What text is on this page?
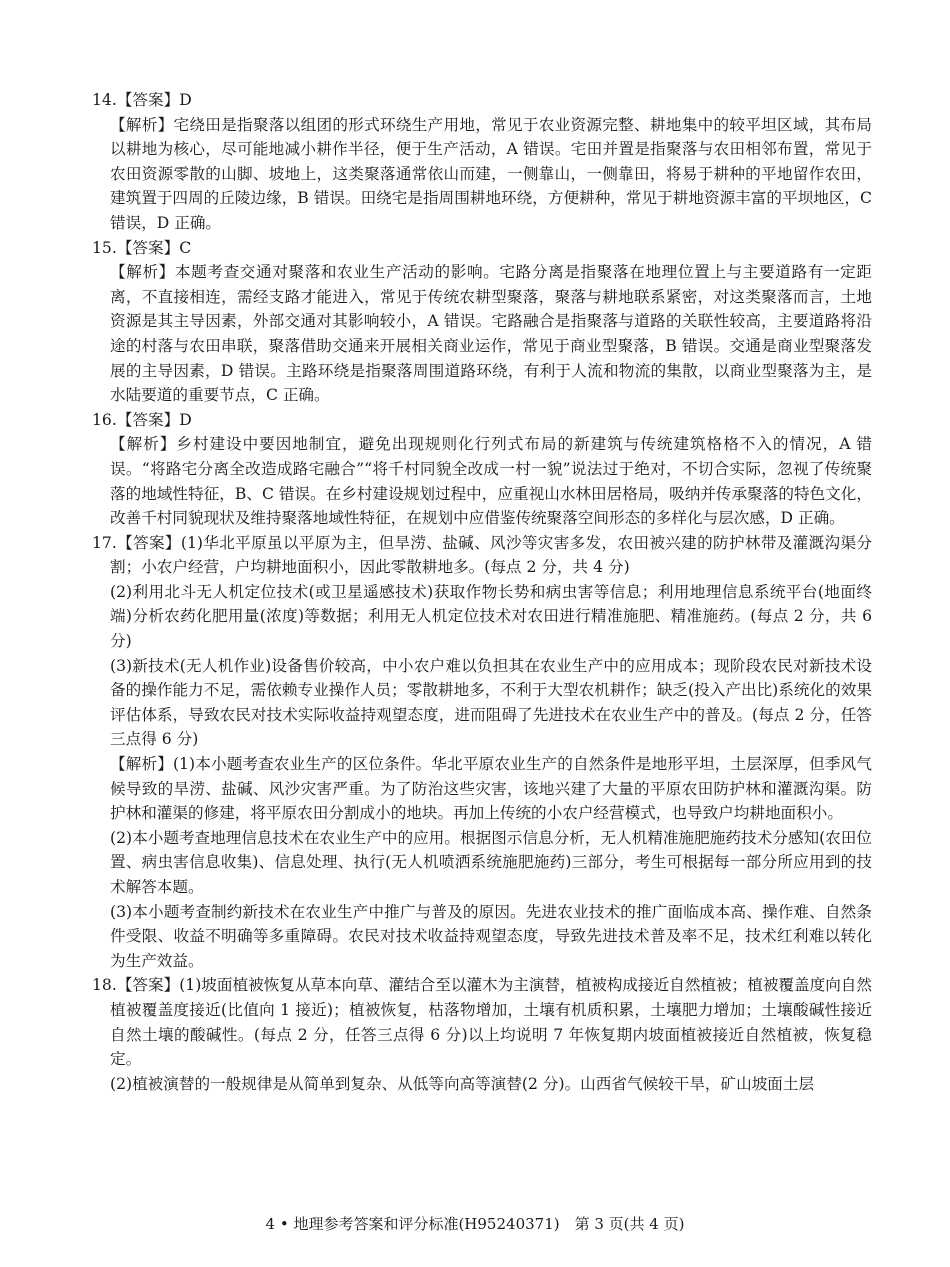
14.【答案】D
【解析】宅绕田是指聚落以组团的形式环绕生产用地，常见于农业资源完整、耕地集中的较平坦区域，其布局以耕地为核心，尽可能地减小耕作半径，便于生产活动，A 错误。宅田并置是指聚落与农田相邻布置，常见于农田资源零散的山脚、坡地上，这类聚落通常依山而建，一侧靠山，一侧靠田，将易于耕种的平地留作农田，建筑置于四周的丘陵边缘，B 错误。田绕宅是指周围耕地环绕，方便耕种，常见于耕地资源丰富的平坝地区，C 错误，D 正确。
15.【答案】C
【解析】本题考查交通对聚落和农业生产活动的影响。宅路分离是指聚落在地理位置上与主要道路有一定距离，不直接相连，需经支路才能进入，常见于传统农耕型聚落，聚落与耕地联系紧密，对这类聚落而言，土地资源是其主导因素，外部交通对其影响较小，A 错误。宅路融合是指聚落与道路的关联性较高，主要道路将沿途的村落与农田串联，聚落借助交通来开展相关商业运作，常见于商业型聚落，B 错误。交通是商业型聚落发展的主导因素，D 错误。主路环绕是指聚落周围道路环绕，有利于人流和物流的集散，以商业型聚落为主，是水陆要道的重要节点，C 正确。
16.【答案】D
【解析】乡村建设中要因地制宜，避免出现规则化行列式布局的新建筑与传统建筑格格不入的情况，A 错误。“将路宅分离全改造成路宅融合”“将千村同貌全改成一村一貌”说法过于绝对，不切合实际，忽视了传统聚落的地域性特征，B、C 错误。在乡村建设规划过程中，应重视山水林田居格局，吸纳并传承聚落的特色文化，改善千村同貌现状及维持聚落地域性特征，在规划中应借鉴传统聚落空间形态的多样化与层次感，D 正确。
17.【答案】(1)华北平原虽以平原为主，但旱涝、盐碱、风沙等灾害多发，农田被兴建的防护林带及灌溉沟渠分割；小农户经营，户均耕地面积小，因此零散耕地多。(每点 2 分，共 4 分)
(2)利用北斗无人机定位技术(或卫星遥感技术)获取作物长势和病虫害等信息；利用地理信息系统平台(地面终端)分析农药化肥用量(浓度)等数据；利用无人机定位技术对农田进行精准施肥、精准施药。(每点 2 分，共 6 分)
(3)新技术(无人机作业)设备售价较高，中小农户难以负担其在农业生产中的应用成本；现阶段农民对新技术设备的操作能力不足，需依赖专业操作人员；零散耕地多，不利于大型农机耕作；缺乏(投入产出比)系统化的效果评估体系，导致农民对技术实际收益持观望态度，进而阻碍了先进技术在农业生产中的普及。(每点 2 分，任答三点得 6 分)
【解析】(1)本小题考查农业生产的区位条件。华北平原农业生产的自然条件是地形平坦，土层深厚，但季风气候导致的旱涝、盐碱、风沙灾害严重。为了防治这些灾害，该地兴建了大量的平原农田防护林和灌溉沟渠。防护林和灌渠的修建，将平原农田分割成小的地块。再加上传统的小农户经营模式，也导致户均耕地面积小。
(2)本小题考查地理信息技术在农业生产中的应用。根据图示信息分析，无人机精准施肥施药技术分感知(农田位置、病虫害信息收集)、信息处理、执行(无人机喷洒系统施肥施药)三部分，考生可根据每一部分所应用到的技术解答本题。
(3)本小题考查制约新技术在农业生产中推广与普及的原因。先进农业技术的推广面临成本高、操作难、自然条件受限、收益不明确等多重障碍。农民对技术收益持观望态度，导致先进技术普及率不足，技术红利难以转化为生产效益。
18.【答案】(1)坡面植被恢复从草本向草、灌结合至以灌木为主演替，植被构成接近自然植被；植被覆盖度向自然植被覆盖度接近(比值向 1 接近)；植被恢复，枯落物增加，土壤有机质积累，土壤肥力增加；土壤酸碱性接近自然土壤的酸碱性。(每点 2 分，任答三点得 6 分)以上均说明 7 年恢复期内坡面植被接近自然植被，恢复稳定。
(2)植被演替的一般规律是从简单到复杂、从低等向高等演替(2 分)。山西省气候较干旱，矿山坡面土层
4 • 地理参考答案和评分标准(H95240371)　第 3 页(共 4 页)
